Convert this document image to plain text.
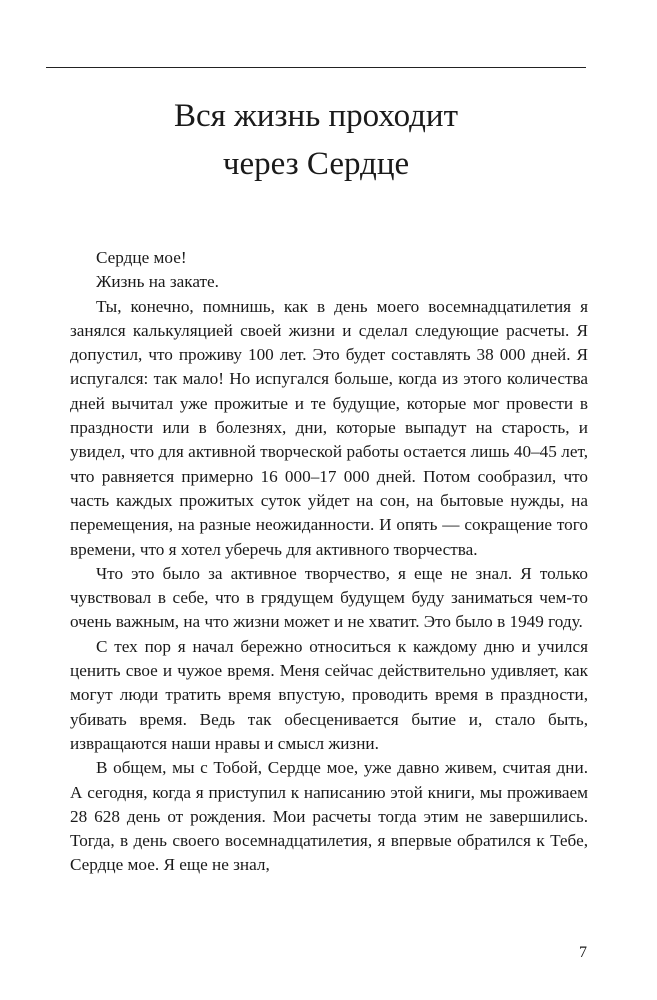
Вся жизнь проходит
через Сердце

Сердце мое!

Жизнь на закате.

Ты, конечно, помнишь, как в день моего восемнадцатилетия я занялся калькуляцией своей жизни и сделал следующие расчеты. Я допустил, что проживу 100 лет. Это будет составлять 38 000 дней. Я испугался: так мало! Но испугался больше, когда из этого количества дней вычитал уже прожитые и те будущие, которые мог провести в праздности или в болезнях, дни, которые выпадут на старость, и увидел, что для активной творческой работы остается лишь 40–45 лет, что равняется примерно 16 000–17 000 дней. Потом сообразил, что часть каждых прожитых суток уйдет на сон, на бытовые нужды, на перемещения, на разные неожиданности. И опять — сокращение того времени, что я хотел уберечь для активного творчества.

Что это было за активное творчество, я еще не знал. Я только чувствовал в себе, что в грядущем будущем буду заниматься чем-то очень важным, на что жизни может и не хватит. Это было в 1949 году.

С тех пор я начал бережно относиться к каждому дню и учился ценить свое и чужое время. Меня сейчас действительно удивляет, как могут люди тратить время впустую, проводить время в праздности, убивать время. Ведь так обесценивается бытие и, стало быть, извращаются наши нравы и смысл жизни.

В общем, мы с Тобой, Сердце мое, уже давно живем, считая дни. А сегодня, когда я приступил к написанию этой книги, мы проживаем 28 628 день от рождения. Мои расчеты тогда этим не завершились. Тогда, в день своего восемнадцатилетия, я впервые обратился к Тебе, Сердце мое. Я еще не знал,

7
